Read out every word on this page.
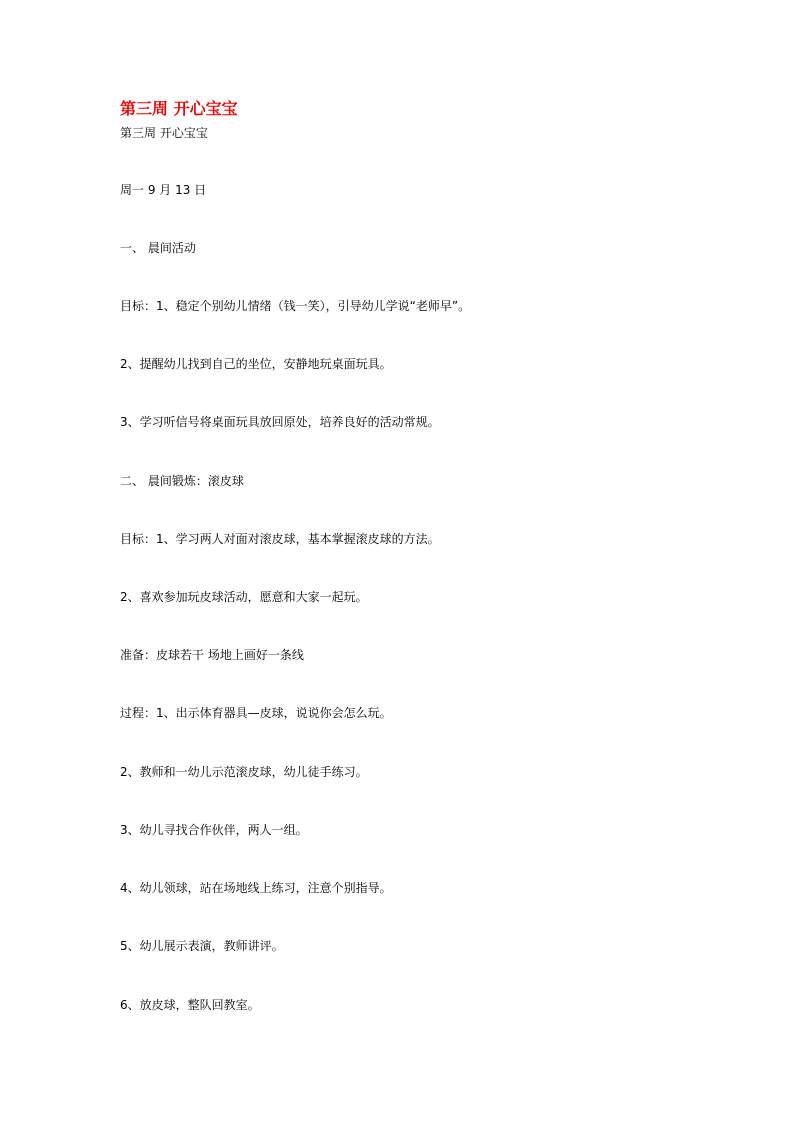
第三周 开心宝宝
第三周 开心宝宝
周一 9 月 13 日
一、 晨间活动
目标：1、稳定个别幼儿情绪（钱一笑），引导幼儿学说“老师早”。
2、提醒幼儿找到自己的坐位，安静地玩桌面玩具。
3、学习听信号将桌面玩具放回原处，培养良好的活动常规。
二、 晨间锻炼：滚皮球
目标：1、学习两人对面对滚皮球，基本掌握滚皮球的方法。
2、喜欢参加玩皮球活动，愿意和大家一起玩。
准备：皮球若干 场地上画好一条线
过程：1、出示体育器具—皮球，说说你会怎么玩。
2、教师和一幼儿示范滚皮球，幼儿徒手练习。
3、幼儿寻找合作伙伴，两人一组。
4、幼儿领球，站在场地线上练习，注意个别指导。
5、幼儿展示表演，教师讲评。
6、放皮球，整队回教室。
